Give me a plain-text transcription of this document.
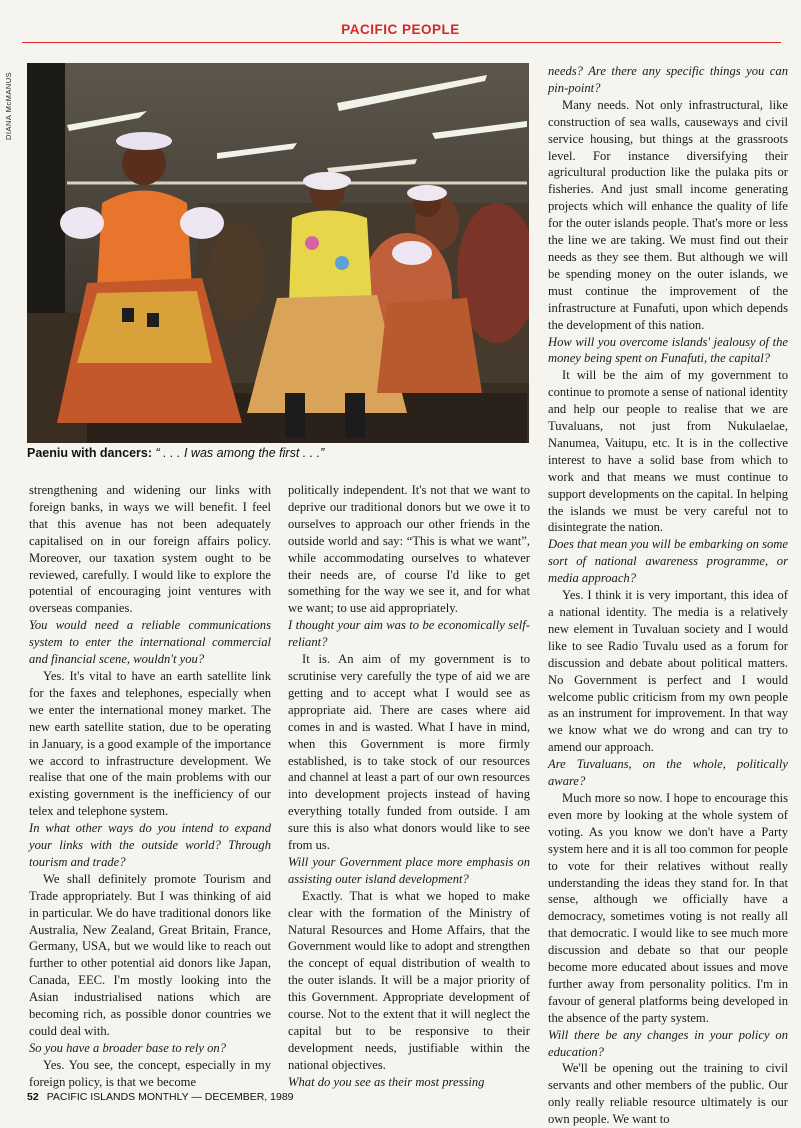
PACIFIC PEOPLE
DIANA McMANUS
Paeniu with dancers: “ . . . I was among the first . . .”

strengthening and widening our links with foreign banks, in ways we will benefit. I feel that this avenue has not been adequately capitalised on in our foreign affairs policy. Moreover, our taxation system ought to be reviewed, carefully. I would like to explore the potential of encouraging joint ventures with overseas companies.

You would need a reliable communications system to enter the international commercial and financial scene, wouldn't you?

Yes. It's vital to have an earth satellite link for the faxes and telephones, especially when we enter the international money market. The new earth satellite station, due to be operating in January, is a good example of the importance we accord to infrastructure development. We realise that one of the main problems with our existing government is the inefficiency of our telex and telephone system.

In what other ways do you intend to expand your links with the outside world? Through tourism and trade?

We shall definitely promote Tourism and Trade appropriately. But I was thinking of aid in particular. We do have traditional donors like Australia, New Zealand, Great Britain, France, Germany, USA, but we would like to reach out further to other potential aid donors like Japan, Canada, EEC. I'm mostly looking into the Asian industrialised nations which are becoming rich, as possible donor countries we could deal with.

So you have a broader base to rely on?

Yes. You see, the concept, especially in my foreign policy, is that we become

politically independent. It's not that we want to deprive our traditional donors but we owe it to ourselves to approach our other friends in the outside world and say: “This is what we want”, while accommodating ourselves to whatever their needs are, of course I'd like to get something for the way we see it, and for what we want; to use aid appropriately.

I thought your aim was to be economically self-reliant?

It is. An aim of my government is to scrutinise very carefully the type of aid we are getting and to accept what I would see as appropriate aid. There are cases where aid comes in and is wasted. What I have in mind, when this Government is more firmly established, is to take stock of our resources and channel at least a part of our own resources into development projects instead of having everything totally funded from outside. I am sure this is also what donors would like to see from us.

Will your Government place more emphasis on assisting outer island development?

Exactly. That is what we hoped to make clear with the formation of the Ministry of Natural Resources and Home Affairs, that the Government would like to adopt and strengthen the concept of equal distribution of wealth to the outer islands. It will be a major priority of this Government. Appropriate development of course. Not to the extent that it will neglect the capital but to be responsive to their development needs, justifiable within the national objectives.

What do you see as their most pressing

needs? Are there any specific things you can pin-point?

Many needs. Not only infrastructural, like construction of sea walls, causeways and civil service housing, but things at the grassroots level. For instance diversifying their agricultural production like the pulaka pits or fisheries. And just small income generating projects which will enhance the quality of life for the outer islands people. That's more or less the line we are taking. We must find out their needs as they see them. But although we will be spending money on the outer islands, we must continue the improvement of the infrastructure at Funafuti, upon which depends the development of this nation.

How will you overcome islands' jealousy of the money being spent on Funafuti, the capital?

It will be the aim of my government to continue to promote a sense of national identity and help our people to realise that we are Tuvaluans, not just from Nukulaelae, Nanumea, Vaitupu, etc. It is in the collective interest to have a solid base from which to work and that means we must continue to support developments on the capital. In helping the islands we must be very careful not to disintegrate the nation.

Does that mean you will be embarking on some sort of national awareness programme, or media approach?

Yes. I think it is very important, this idea of a national identity. The media is a relatively new element in Tuvaluan society and I would like to see Radio Tuvalu used as a forum for discussion and debate about political matters. No Government is perfect and I would welcome public criticism from my own people as an instrument for improvement. In that way we know what we do wrong and can try to amend our approach.

Are Tuvaluans, on the whole, politically aware?

Much more so now. I hope to encourage this even more by looking at the whole system of voting. As you know we don't have a Party system here and it is all too common for people to vote for their relatives without really understanding the ideas they stand for. In that sense, although we officially have a democracy, sometimes voting is not really all that democratic. I would like to see much more discussion and debate so that our people become more educated about issues and move further away from personality politics. I'm in favour of general platforms being developed in the absence of the party system.

Will there be any changes in your policy on education?

We'll be opening out the training to civil servants and other members of the public. Our only really reliable resource ultimately is our own people. We want to

52 PACIFIC ISLANDS MONTHLY — DECEMBER, 1989
